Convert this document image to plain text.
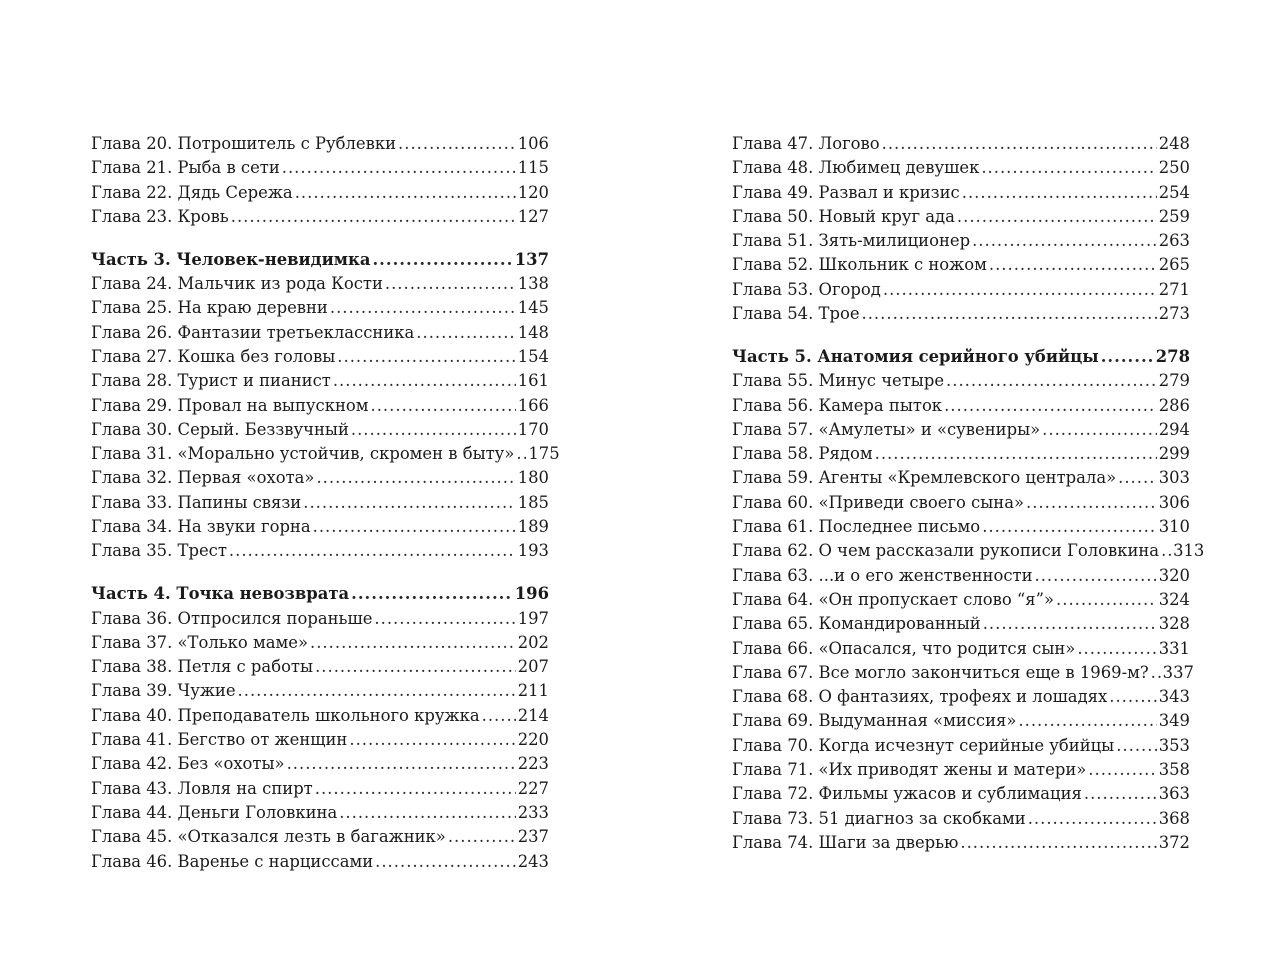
Глава 20. Потрошитель с Рублевки .....	106
Глава 21. Рыба в сети .....	115
Глава 22. Дядь Сережа .....	120
Глава 23. Кровь .....	127
Часть 3. Человек-невидимка .....	137
Глава 24. Мальчик из рода Кости .....	138
Глава 25. На краю деревни .....	145
Глава 26. Фантазии третьеклассника .....	148
Глава 27. Кошка без головы .....	154
Глава 28. Турист и пианист .....	161
Глава 29. Провал на выпускном .....	166
Глава 30. Серый. Беззвучный .....	170
Глава 31. «Морально устойчив, скромен в быту» ..... 175
Глава 32. Первая «охота» .....	180
Глава 33. Папины связи .....	185
Глава 34. На звуки горна .....	189
Глава 35. Трест .....	193
Часть 4. Точка невозврата .....	196
Глава 36. Отпросился пораньше .....	197
Глава 37. «Только маме» .....	202
Глава 38. Петля с работы .....	207
Глава 39. Чужие .....	211
Глава 40. Преподаватель школьного кружка ..... 214
Глава 41. Бегство от женщин .....	220
Глава 42. Без «охоты» .....	223
Глава 43. Ловля на спирт .....	227
Глава 44. Деньги Головкина .....	233
Глава 45. «Отказался лезть в багажник» .....	237
Глава 46. Варенье с нарциссами .....	243
Глава 47. Логово .....	248
Глава 48. Любимец девушек .....	250
Глава 49. Развал и кризис .....	254
Глава 50. Новый круг ада .....	259
Глава 51. Зять-милиционер .....	263
Глава 52. Школьник с ножом .....	265
Глава 53. Огород .....	271
Глава 54. Трое .....	273
Часть 5. Анатомия серийного убийцы .....	278
Глава 55. Минус четыре .....	279
Глава 56. Камера пыток .....	286
Глава 57. «Амулеты» и «сувениры» .....	294
Глава 58. Рядом .....	299
Глава 59. Агенты «Кремлевского централа» .....	303
Глава 60. «Приведи своего сына» .....	306
Глава 61. Последнее письмо .....	310
Глава 62. О чем рассказали рукописи Головкина ..... 313
Глава 63. ...и о его женственности .....	320
Глава 64. «Он пропускает слово “я”» .....	324
Глава 65. Командированный .....	328
Глава 66. «Опасался, что родится сын» .....	331
Глава 67. Все могло закончиться еще в 1969-м? ..... 337
Глава 68. О фантазиях, трофеях и лошадях .....	343
Глава 69. Выдуманная «миссия» .....	349
Глава 70. Когда исчезнут серийные убийцы .....	353
Глава 71. «Их приводят жены и матери» .....	358
Глава 72. Фильмы ужасов и сублимация .....	363
Глава 73. 51 диагноз за скобками .....	368
Глава 74. Шаги за дверью .....	372
